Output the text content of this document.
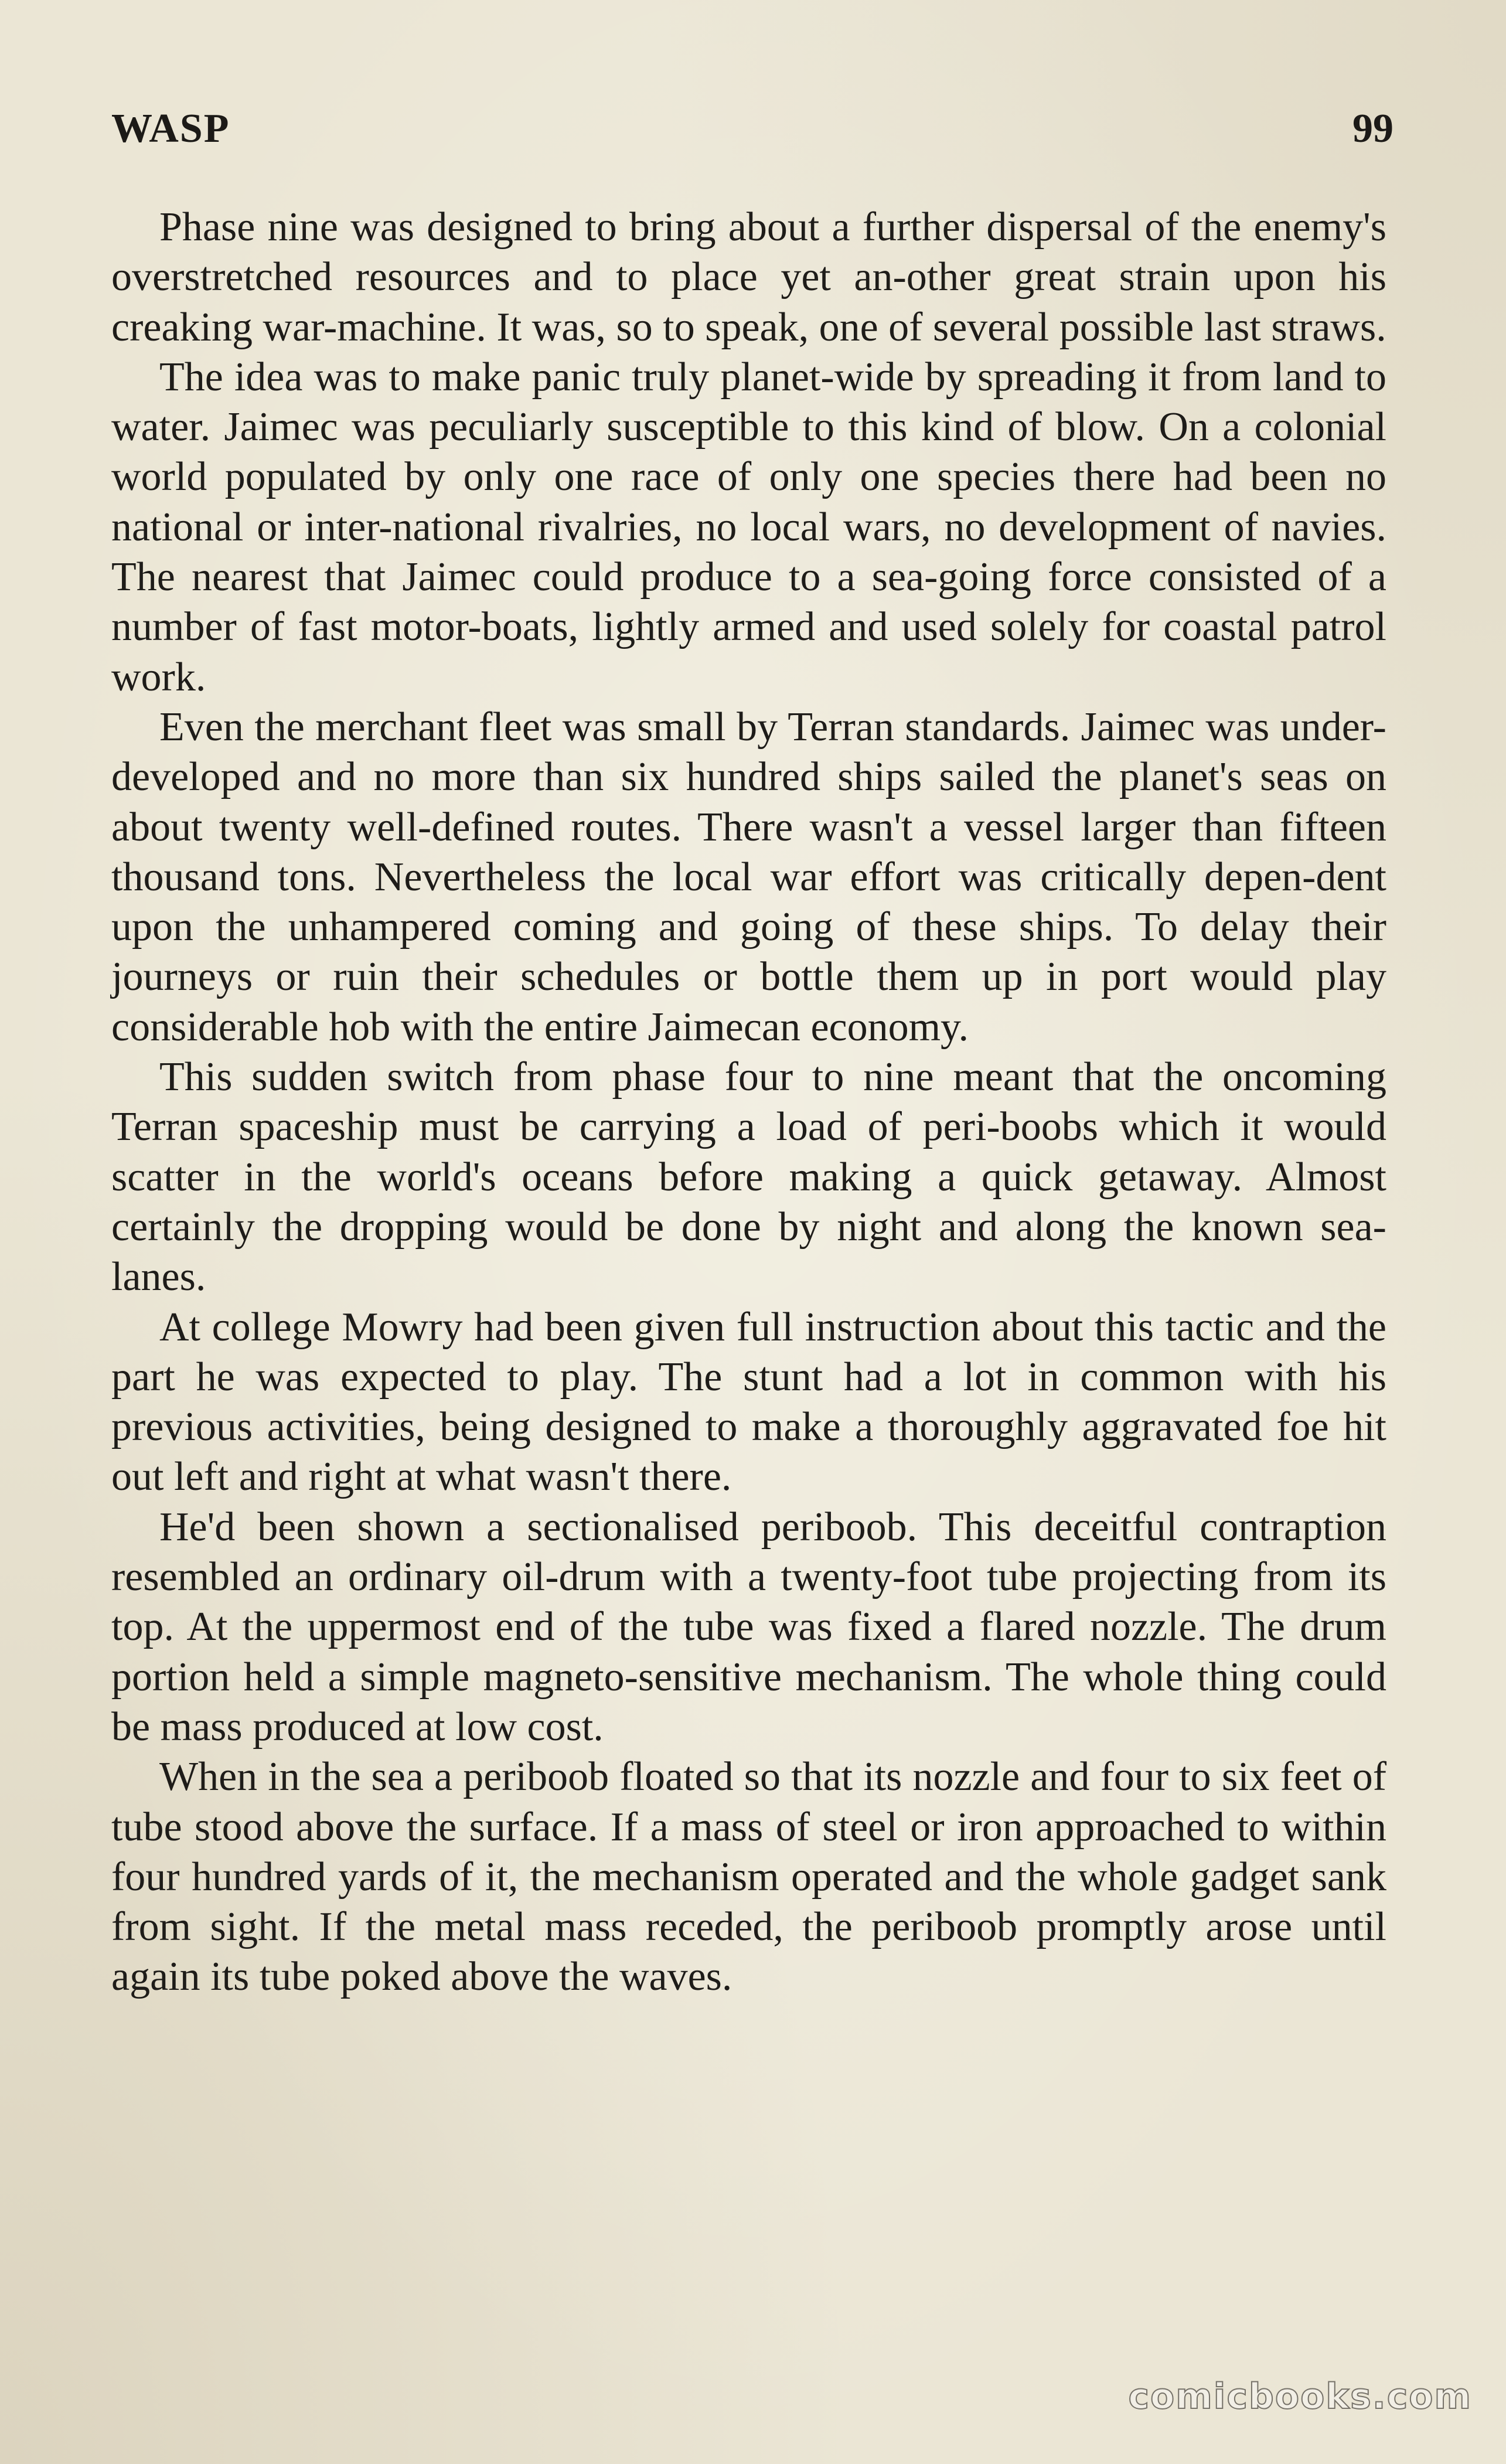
WASP	99

Phase nine was designed to bring about a further dispersal of the enemy's overstretched resources and to place yet an-other great strain upon his creaking war-machine. It was, so to speak, one of several possible last straws.

The idea was to make panic truly planet-wide by spreading it from land to water. Jaimec was peculiarly susceptible to this kind of blow. On a colonial world populated by only one race of only one species there had been no national or inter-national rivalries, no local wars, no development of navies. The nearest that Jaimec could produce to a sea-going force consisted of a number of fast motor-boats, lightly armed and used solely for coastal patrol work.

Even the merchant fleet was small by Terran standards. Jaimec was under-developed and no more than six hundred ships sailed the planet's seas on about twenty well-defined routes. There wasn't a vessel larger than fifteen thousand tons. Nevertheless the local war effort was critically depen-dent upon the unhampered coming and going of these ships. To delay their journeys or ruin their schedules or bottle them up in port would play considerable hob with the entire Jaimecan economy.

This sudden switch from phase four to nine meant that the oncoming Terran spaceship must be carrying a load of peri-boobs which it would scatter in the world's oceans before making a quick getaway. Almost certainly the dropping would be done by night and along the known sea-lanes.

At college Mowry had been given full instruction about this tactic and the part he was expected to play. The stunt had a lot in common with his previous activities, being designed to make a thoroughly aggravated foe hit out left and right at what wasn't there.

He'd been shown a sectionalised periboob. This deceitful contraption resembled an ordinary oil-drum with a twenty-foot tube projecting from its top. At the uppermost end of the tube was fixed a flared nozzle. The drum portion held a simple magneto-sensitive mechanism. The whole thing could be mass produced at low cost.

When in the sea a periboob floated so that its nozzle and four to six feet of tube stood above the surface. If a mass of steel or iron approached to within four hundred yards of it, the mechanism operated and the whole gadget sank from sight. If the metal mass receded, the periboob promptly arose until again its tube poked above the waves.

comicbooks.com
